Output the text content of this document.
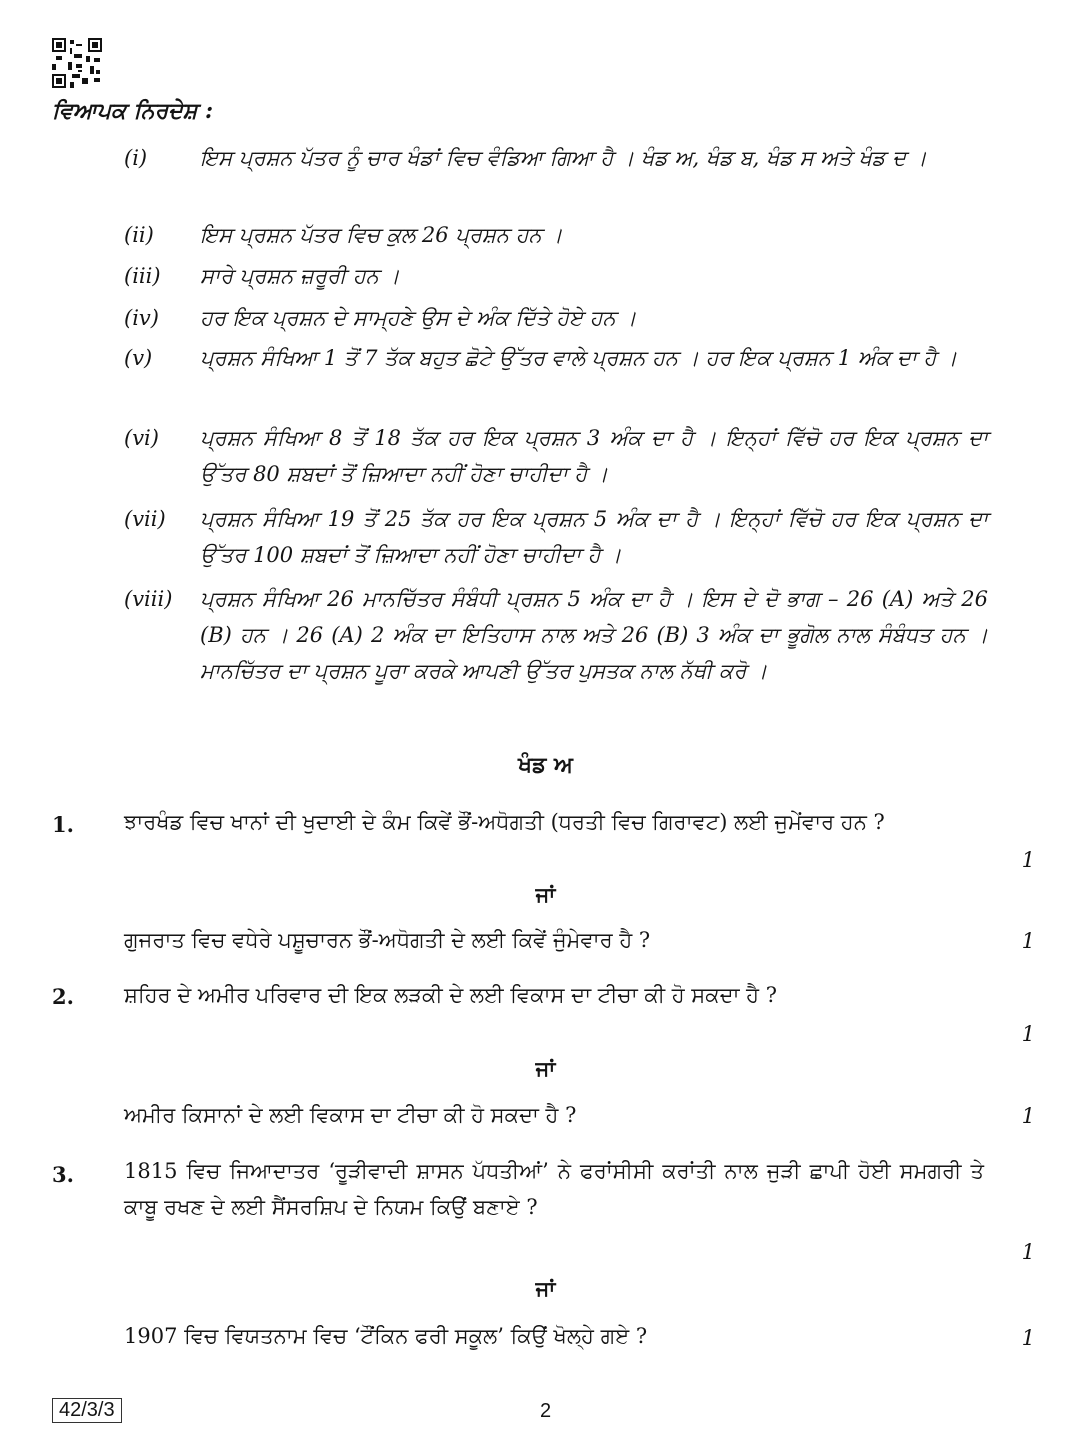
ਵਿਆਪਕ ਨਿਰਦੇਸ਼ :
(i)	ਇਸ ਪ੍ਰਸ਼ਨ ਪੱਤਰ ਨੂੰ ਚਾਰ ਖੰਡਾਂ ਵਿਚ ਵੰਡਿਆ ਗਿਆ ਹੈ । ਖੰਡ ਅ, ਖੰਡ ਬ, ਖੰਡ ਸ ਅਤੇ ਖੰਡ ਦ ।
(ii) ਇਸ ਪ੍ਰਸ਼ਨ ਪੱਤਰ ਵਿਚ ਕੁਲ 26 ਪ੍ਰਸ਼ਨ ਹਨ ।
(iii) ਸਾਰੇ ਪ੍ਰਸ਼ਨ ਜ਼ਰੂਰੀ ਹਨ ।
(iv) ਹਰ ਇਕ ਪ੍ਰਸ਼ਨ ਦੇ ਸਾਮ੍ਹਣੇ ਉਸ ਦੇ ਅੰਕ ਦਿੱਤੇ ਹੋਏ ਹਨ ।
(v) ਪ੍ਰਸ਼ਨ ਸੰਖਿਆ 1 ਤੋਂ 7 ਤੱਕ ਬਹੁਤ ਛੋਟੇ ਉੱਤਰ ਵਾਲੇ ਪ੍ਰਸ਼ਨ ਹਨ । ਹਰ ਇਕ ਪ੍ਰਸ਼ਨ 1 ਅੰਕ ਦਾ ਹੈ ।
(vi) ਪ੍ਰਸ਼ਨ ਸੰਖਿਆ 8 ਤੋਂ 18 ਤੱਕ ਹਰ ਇਕ ਪ੍ਰਸ਼ਨ 3 ਅੰਕ ਦਾ ਹੈ । ਇਨ੍ਹਾਂ ਵਿੱਚੋ ਹਰ ਇਕ ਪ੍ਰਸ਼ਨ ਦਾ ਉੱਤਰ 80 ਸ਼ਬਦਾਂ ਤੋਂ ਜ਼ਿਆਦਾ ਨਹੀਂ ਹੋਣਾ ਚਾਹੀਦਾ ਹੈ ।
(vii) ਪ੍ਰਸ਼ਨ ਸੰਖਿਆ 19 ਤੋਂ 25 ਤੱਕ ਹਰ ਇਕ ਪ੍ਰਸ਼ਨ 5 ਅੰਕ ਦਾ ਹੈ । ਇਨ੍ਹਾਂ ਵਿੱਚੋ ਹਰ ਇਕ ਪ੍ਰਸ਼ਨ ਦਾ ਉੱਤਰ 100 ਸ਼ਬਦਾਂ ਤੋਂ ਜ਼ਿਆਦਾ ਨਹੀਂ ਹੋਣਾ ਚਾਹੀਦਾ ਹੈ ।
(viii) ਪ੍ਰਸ਼ਨ ਸੰਖਿਆ 26 ਮਾਨਚਿੱਤਰ ਸੰਬੰਧੀ ਪ੍ਰਸ਼ਨ 5 ਅੰਕ ਦਾ ਹੈ । ਇਸ ਦੇ ਦੋ ਭਾਗ – 26 (A) ਅਤੇ 26 (B) ਹਨ । 26 (A) 2 ਅੰਕ ਦਾ ਇਤਿਹਾਸ ਨਾਲ ਅਤੇ 26 (B) 3 ਅੰਕ ਦਾ ਭੂਗੋਲ ਨਾਲ ਸੰਬੰਧਤ ਹਨ । ਮਾਨਚਿੱਤਰ ਦਾ ਪ੍ਰਸ਼ਨ ਪੂਰਾ ਕਰਕੇ ਆਪਣੀ ਉੱਤਰ ਪੁਸਤਕ ਨਾਲ ਨੱਥੀ ਕਰੋ ।
ਖੰਡ ਅ
1. ਝਾਰਖੰਡ ਵਿਚ ਖਾਨਾਂ ਦੀ ਖੁਦਾਈ ਦੇ ਕੰਮ ਕਿਵੇਂ ਭੌਂ-ਅਧੋਗਤੀ (ਧਰਤੀ ਵਿਚ ਗਿਰਾਵਟ) ਲਈ ਜੁਮੇਂਵਾਰ ਹਨ ?
1
ਜਾਂ
ਗੁਜਰਾਤ ਵਿਚ ਵਧੇਰੇ ਪਸ਼ੂਚਾਰਨ ਭੌਂ-ਅਧੋਗਤੀ ਦੇ ਲਈ ਕਿਵੇਂ ਜੁੰਮੇਵਾਰ ਹੈ ?	1
2. ਸ਼ਹਿਰ ਦੇ ਅਮੀਰ ਪਰਿਵਾਰ ਦੀ ਇਕ ਲੜਕੀ ਦੇ ਲਈ ਵਿਕਾਸ ਦਾ ਟੀਚਾ ਕੀ ਹੋ ਸਕਦਾ ਹੈ ?
1
ਜਾਂ
ਅਮੀਰ ਕਿਸਾਨਾਂ ਦੇ ਲਈ ਵਿਕਾਸ ਦਾ ਟੀਚਾ ਕੀ ਹੋ ਸਕਦਾ ਹੈ ?	1
3. 1815 ਵਿਚ ਜਿਆਦਾਤਰ ‘ਰੂੜੀਵਾਦੀ ਸ਼ਾਸਨ ਪੱਧਤੀਆਂ’ ਨੇ ਫਰਾਂਸੀਸੀ ਕਰਾਂਤੀ ਨਾਲ ਜੁੜੀ ਛਾਪੀ ਹੋਈ ਸਮਗਰੀ ਤੇ ਕਾਬੂ ਰਖਣ ਦੇ ਲਈ ਸੈਂਸਰਸ਼ਿਪ ਦੇ ਨਿਯਮ ਕਿਉਂ ਬਣਾਏ ?
1
ਜਾਂ
42/3/3	2
1907 ਵਿਚ ਵਿਯਤਨਾਮ ਵਿਚ ‘ਟੌਂਕਿਨ ਫਰੀ ਸਕੂਲ’ ਕਿਉਂ ਖੋਲ੍ਹੇ ਗਏ ?	1
